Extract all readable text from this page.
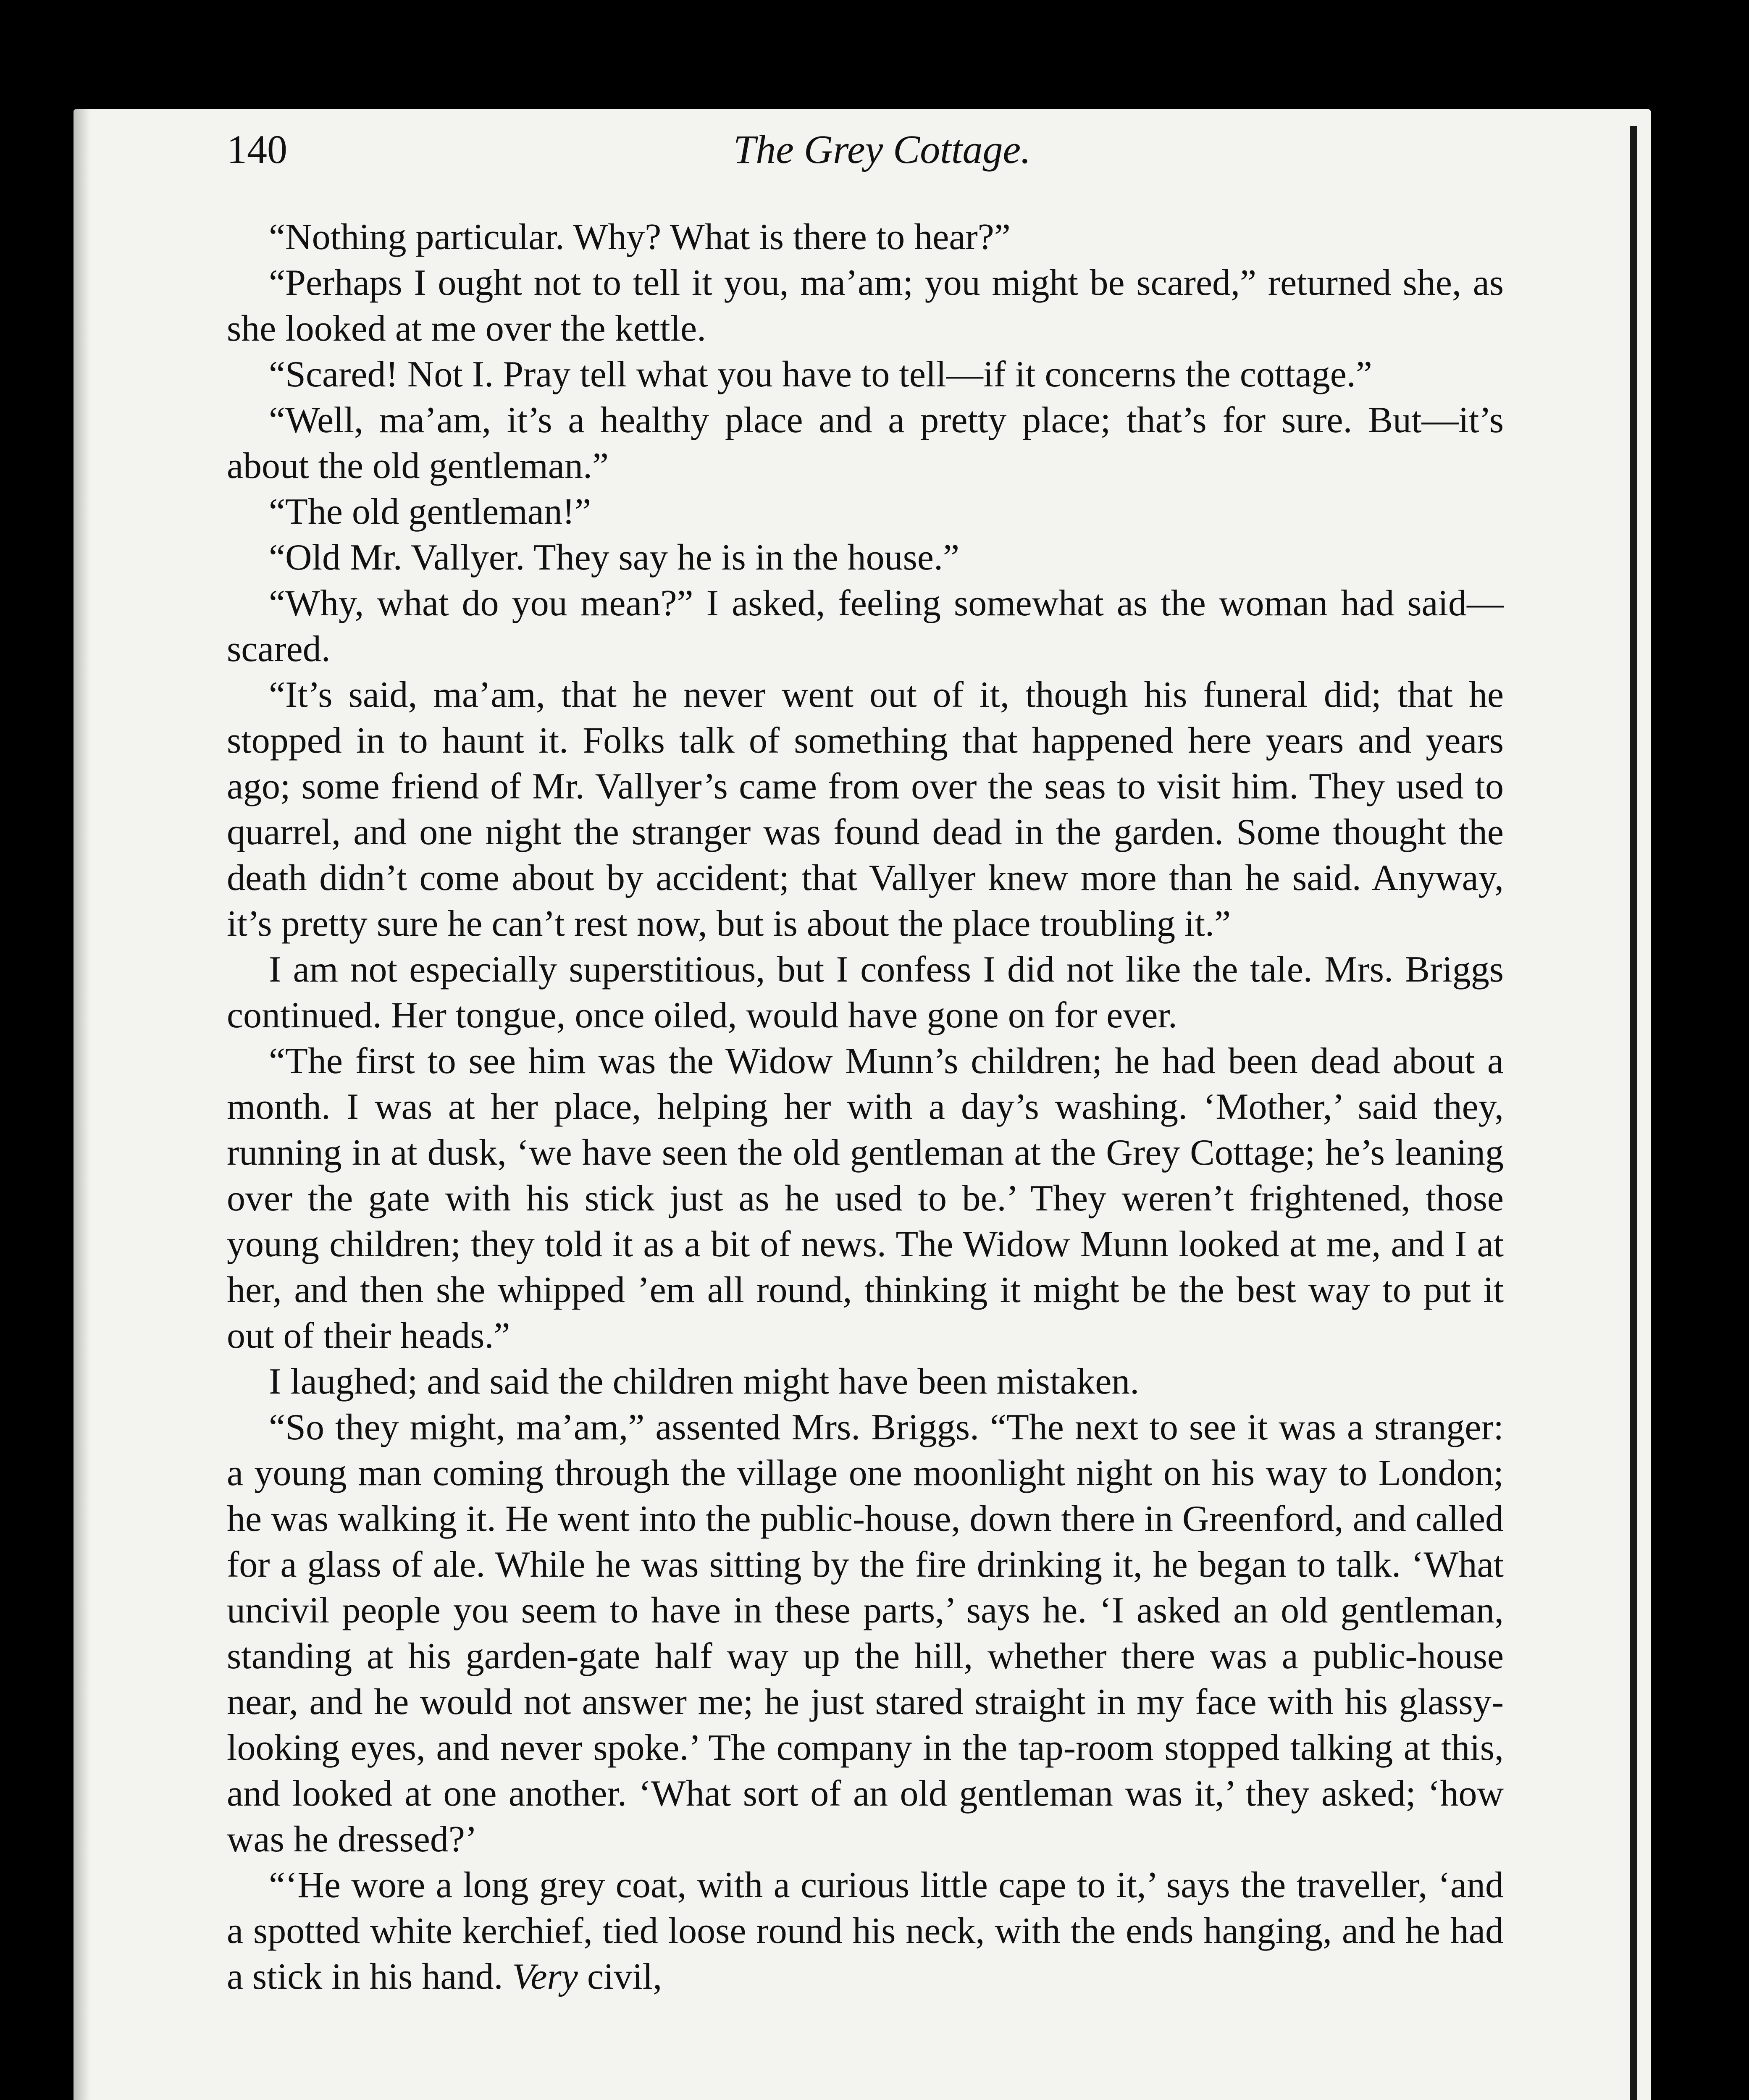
140	The Grey Cottage.

“Nothing particular. Why? What is there to hear?”

“Perhaps I ought not to tell it you, ma’am; you might be scared,” returned she, as she looked at me over the kettle.

“Scared! Not I. Pray tell what you have to tell—if it concerns the cottage.”

“Well, ma’am, it’s a healthy place and a pretty place; that’s for sure. But—it’s about the old gentleman.”

“The old gentleman!”

“Old Mr. Vallyer. They say he is in the house.”

“Why, what do you mean?” I asked, feeling somewhat as the woman had said—scared.

“It’s said, ma’am, that he never went out of it, though his funeral did; that he stopped in to haunt it. Folks talk of something that happened here years and years ago; some friend of Mr. Vallyer’s came from over the seas to visit him. They used to quarrel, and one night the stranger was found dead in the garden. Some thought the death didn’t come about by accident; that Vallyer knew more than he said. Anyway, it’s pretty sure he can’t rest now, but is about the place troubling it.”

I am not especially superstitious, but I confess I did not like the tale. Mrs. Briggs continued. Her tongue, once oiled, would have gone on for ever.

“The first to see him was the Widow Munn’s children; he had been dead about a month. I was at her place, helping her with a day’s washing. ‘Mother,’ said they, running in at dusk, ‘we have seen the old gentleman at the Grey Cottage; he’s leaning over the gate with his stick just as he used to be.’ They weren’t frightened, those young children; they told it as a bit of news. The Widow Munn looked at me, and I at her, and then she whipped ’em all round, thinking it might be the best way to put it out of their heads.”

I laughed; and said the children might have been mistaken.

“So they might, ma’am,” assented Mrs. Briggs. “The next to see it was a stranger: a young man coming through the village one moonlight night on his way to London; he was walking it. He went into the public-house, down there in Greenford, and called for a glass of ale. While he was sitting by the fire drinking it, he began to talk. ‘What uncivil people you seem to have in these parts,’ says he. ‘I asked an old gentleman, standing at his garden-gate half way up the hill, whether there was a public-house near, and he would not answer me; he just stared straight in my face with his glassy-looking eyes, and never spoke.’ The company in the tap-room stopped talking at this, and looked at one another. ‘What sort of an old gentleman was it,’ they asked; ‘how was he dressed?’

“‘He wore a long grey coat, with a curious little cape to it,’ says the traveller, ‘and a spotted white kerchief, tied loose round his neck, with the ends hanging, and he had a stick in his hand. Very civil,
